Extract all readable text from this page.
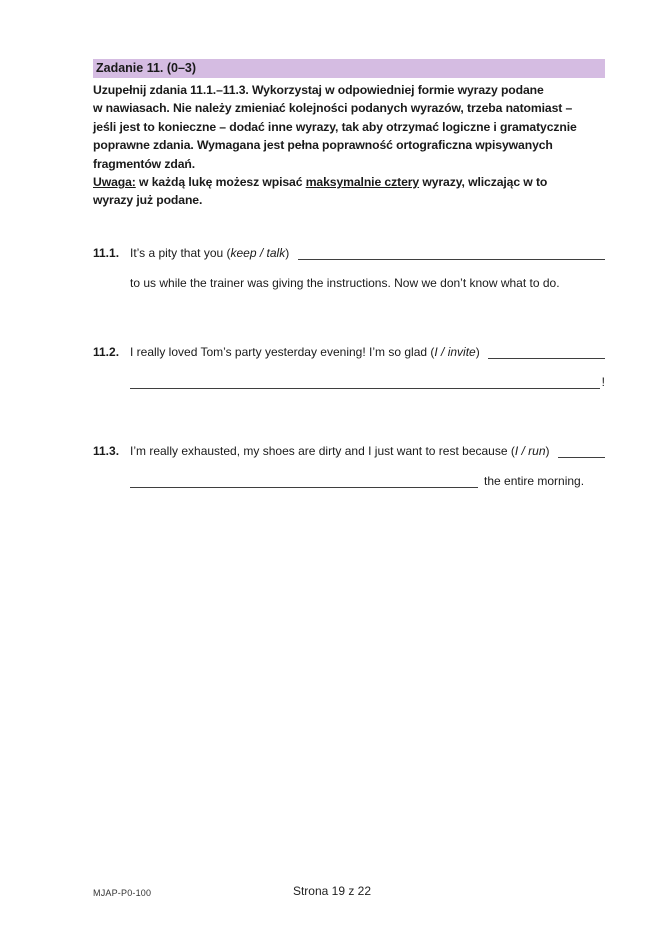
Zadanie 11. (0–3)
Uzupełnij zdania 11.1.–11.3. Wykorzystaj w odpowiedniej formie wyrazy podane
w nawiasach. Nie należy zmieniać kolejności podanych wyrazów, trzeba natomiast –
jeśli jest to konieczne – dodać inne wyrazy, tak aby otrzymać logiczne i gramatycznie
poprawne zdania. Wymagana jest pełna poprawność ortograficzna wpisywanych
fragmentów zdań.
Uwaga: w każdą lukę możesz wpisać maksymalnie cztery wyrazy, wliczając w to
wyrazy już podane.
11.1. It’s a pity that you (keep / talk)
to us while the trainer was giving the instructions. Now we don’t know what to do.
11.2. I really loved Tom’s party yesterday evening! I’m so glad (I / invite)
!
11.3. I’m really exhausted, my shoes are dirty and I just want to rest because (I / run)
the entire morning.
MJAP-P0-100	Strona 19 z 22
